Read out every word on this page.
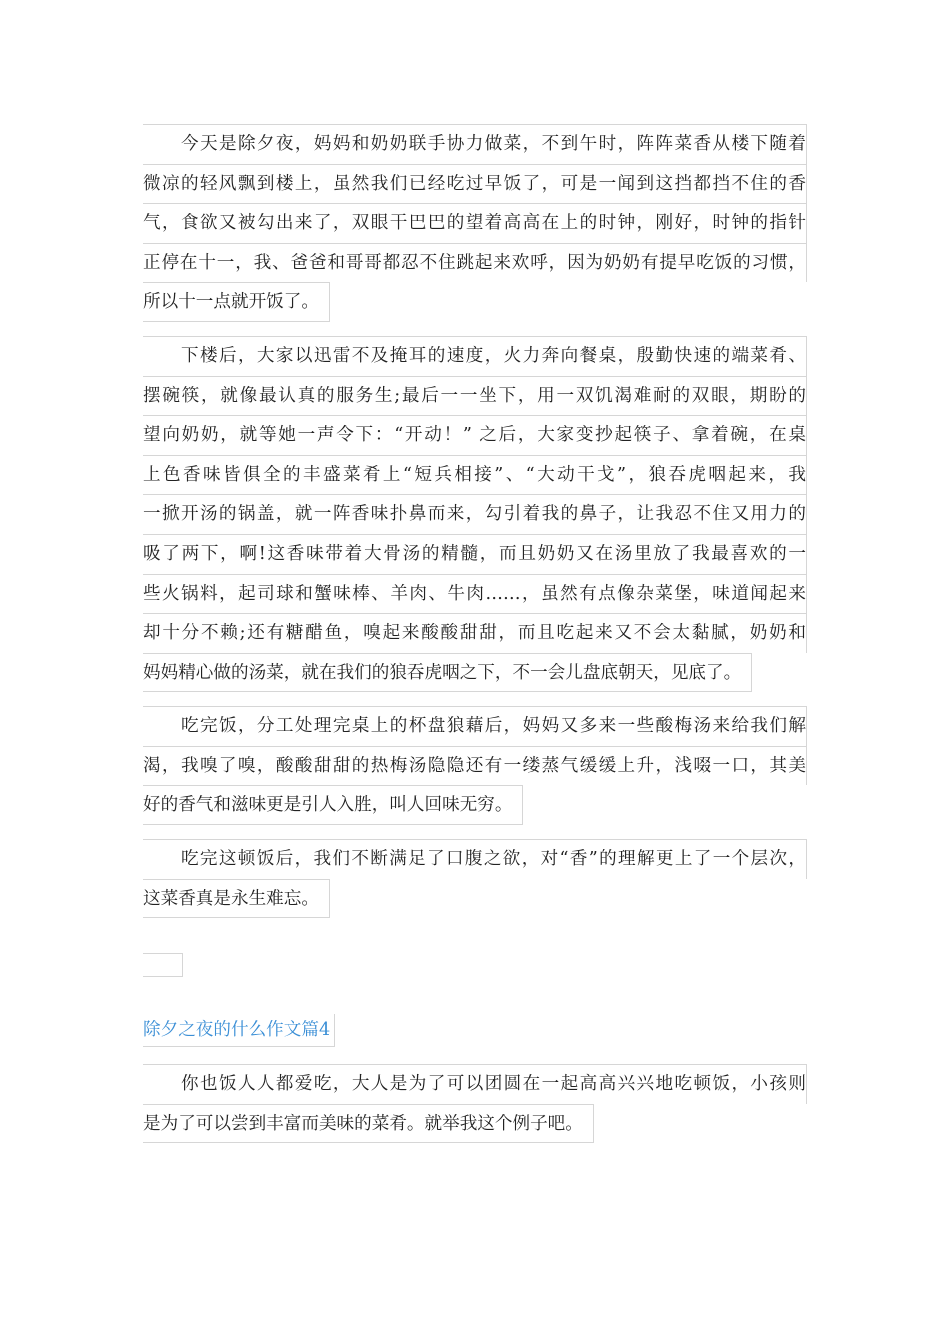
今天是除夕夜，妈妈和奶奶联手协力做菜，不到午时，阵阵菜香从楼下随着
微凉的轻风飘到楼上，虽然我们已经吃过早饭了，可是一闻到这挡都挡不住的香
气，食欲又被勾出来了，双眼干巴巴的望着高高在上的时钟，刚好，时钟的指针
正停在十一，我、爸爸和哥哥都忍不住跳起来欢呼，因为奶奶有提早吃饭的习惯，
所以十一点就开饭了。
下楼后，大家以迅雷不及掩耳的速度，火力奔向餐桌，殷勤快速的端菜肴、
摆碗筷，就像最认真的服务生;最后一一坐下，用一双饥渴难耐的双眼，期盼的
望向奶奶，就等她一声令下：“开动！” 之后，大家变抄起筷子、拿着碗，在桌
上色香味皆俱全的丰盛菜肴上“短兵相接”、“大动干戈”，狼吞虎咽起来，我
一掀开汤的锅盖，就一阵香味扑鼻而来，勾引着我的鼻子，让我忍不住又用力的
吸了两下，啊!这香味带着大骨汤的精髓，而且奶奶又在汤里放了我最喜欢的一
些火锅料，起司球和蟹味棒、羊肉、牛肉……，虽然有点像杂菜堡，味道闻起来
却十分不赖;还有糖醋鱼，嗅起来酸酸甜甜，而且吃起来又不会太黏腻，奶奶和
妈妈精心做的汤菜，就在我们的狼吞虎咽之下，不一会儿盘底朝天，见底了。
吃完饭，分工处理完桌上的杯盘狼藉后，妈妈又多来一些酸梅汤来给我们解
渴，我嗅了嗅，酸酸甜甜的热梅汤隐隐还有一缕蒸气缓缓上升，浅啜一口，其美
好的香气和滋味更是引人入胜，叫人回味无穷。
吃完这顿饭后，我们不断满足了口腹之欲，对“香”的理解更上了一个层次，
这菜香真是永生难忘。
除夕之夜的什么作文篇4
你也饭人人都爱吃，大人是为了可以团圆在一起高高兴兴地吃顿饭，小孩则
是为了可以尝到丰富而美味的菜肴。就举我这个例子吧。
